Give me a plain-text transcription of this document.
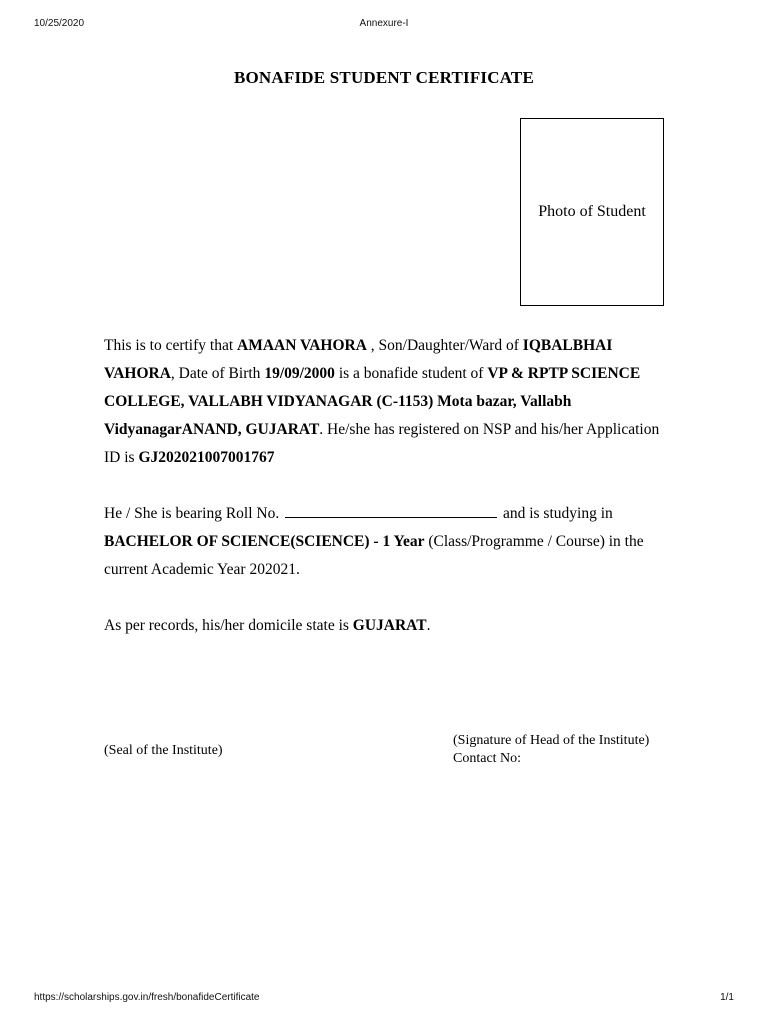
10/25/2020	Annexure-I
BONAFIDE STUDENT CERTIFICATE
Photo of Student
This is to certify that AMAAN VAHORA , Son/Daughter/Ward of IQBALBHAI VAHORA, Date of Birth 19/09/2000 is a bonafide student of VP & RPTP SCIENCE COLLEGE, VALLABH VIDYANAGAR (C-1153) Mota bazar, Vallabh VidyanagarANAND, GUJARAT. He/she has registered on NSP and his/her Application ID is GJ202021007001767
He / She is bearing Roll No.	and is studying in BACHELOR OF SCIENCE(SCIENCE) - 1 Year (Class/Programme / Course) in the current Academic Year 202021.
As per records, his/her domicile state is GUJARAT.
(Seal of the Institute)
(Signature of Head of the Institute)
Contact No:
https://scholarships.gov.in/fresh/bonafideCertificate	1/1
